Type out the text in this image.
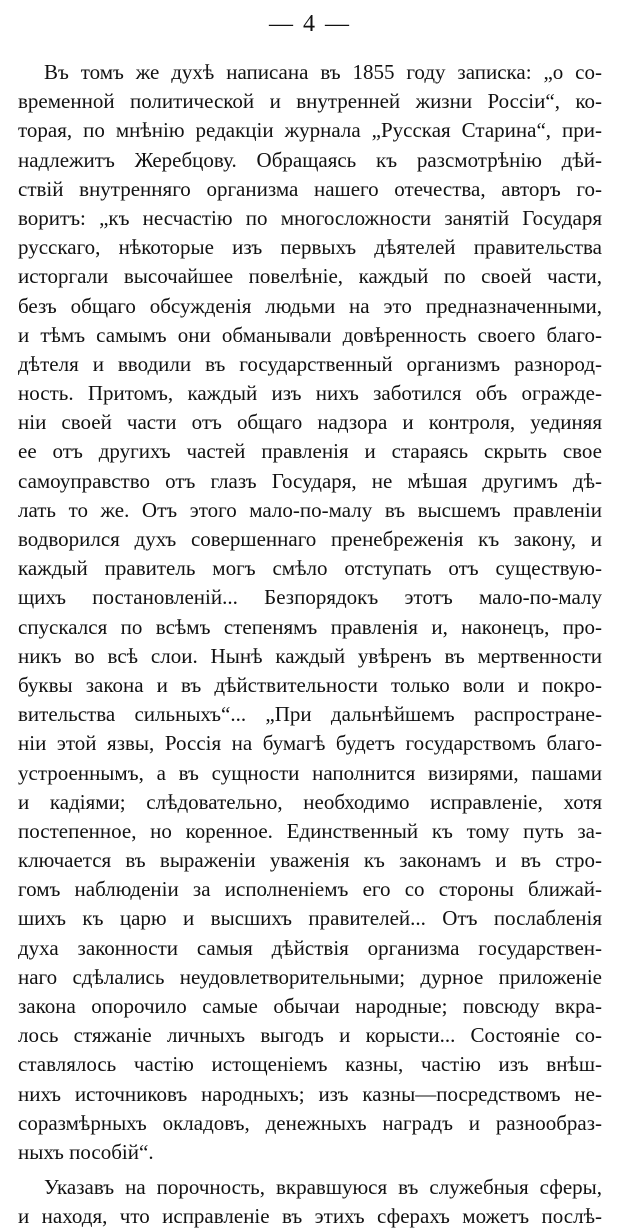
— 4 —
Въ томъ же духѣ написана въ 1855 году записка: „о со-
временной политической и внутренней жизни Россіи“, ко-
торая, по мнѣнію редакціи журнала „Русская Старина“, при-
надлежитъ Жеребцову. Обращаясь къ разсмотрѣнію дѣй-
ствій внутренняго организма нашего отечества, авторъ го-
воритъ: „къ несчастію по многосложности занятій Государя
русскаго, нѣкоторые изъ первыхъ дѣятелей правительства
исторгали высочайшее повелѣніе, каждый по своей части,
безъ общаго обсужденія людьми на это предназначенными,
и тѣмъ самымъ они обманывали довѣренность своего благо-
дѣтеля и вводили въ государственный организмъ разнород-
ность. Притомъ, каждый изъ нихъ заботился объ огражде-
ніи своей части отъ общаго надзора и контроля, уединяя
ее отъ другихъ частей правленія и стараясь скрыть свое
самоуправство отъ глазъ Государя, не мѣшая другимъ дѣ-
лать то же. Отъ этого мало-по-малу въ высшемъ правленіи
водворился духъ совершеннаго пренебреженія къ закону, и
каждый правитель могъ смѣло отступать отъ существую-
щихъ постановленій... Безпорядокъ этотъ мало-по-малу
спускался по всѣмъ степенямъ правленія и, наконецъ, про-
никъ во всѣ слои. Нынѣ каждый увѣренъ въ мертвенности
буквы закона и въ дѣйствительности только воли и покро-
вительства сильныхъ“... „При дальнѣйшемъ распростране-
ніи этой язвы, Россія на бумагѣ будетъ государствомъ благо-
устроеннымъ, а въ сущности наполнится визирями, пашами
и кадіями; слѣдовательно, необходимо исправленіе, хотя
постепенное, но коренное. Единственный къ тому путь за-
ключается въ выраженіи уваженія къ законамъ и въ стро-
гомъ наблюденіи за исполненіемъ его со стороны ближай-
шихъ къ царю и высшихъ правителей... Отъ послабленія
духа законности самыя дѣйствія организма государствен-
наго сдѣлались неудовлетворительными; дурное приложеніе
закона опорочило самые обычаи народные; повсюду вкра-
лось стяжаніе личныхъ выгодъ и корысти... Состояніе со-
ставлялось частію истощеніемъ казны, частію изъ внѣш-
нихъ источниковъ народныхъ; изъ казны—посредствомъ не-
соразмѣрныхъ окладовъ, денежныхъ наградъ и разнообраз-
ныхъ пособій“.
Указавъ на порочность, вкравшуюся въ служебныя сферы,
и находя, что исправленіе въ этихъ сферахъ можетъ послѣ-
